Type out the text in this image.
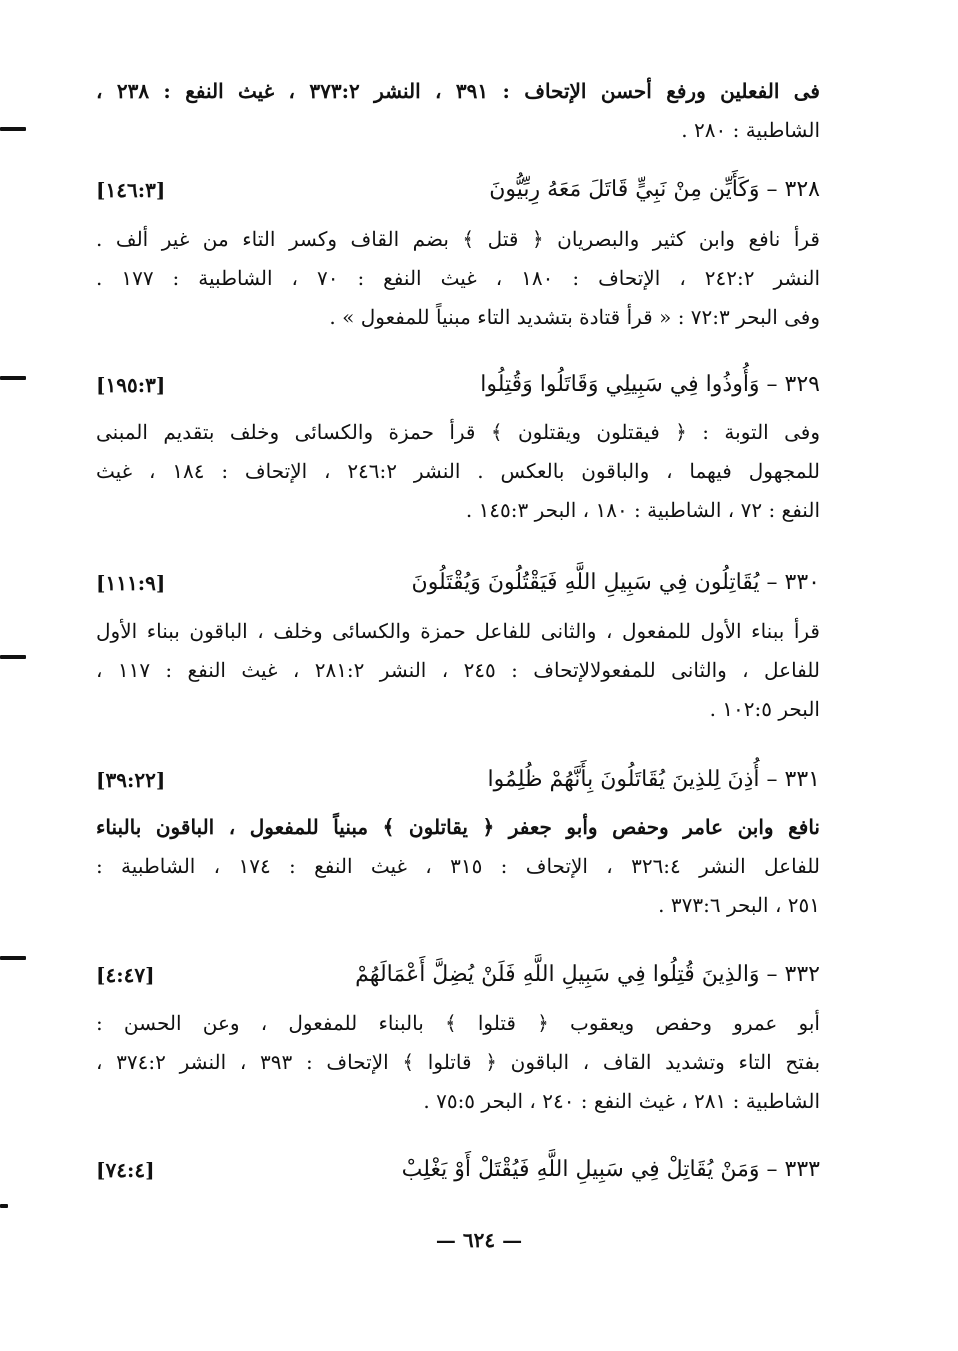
فى الفعلين ورفع أحسن الإتحاف : ٣٩١ ، النشر ٣٧٣:٢ ، غيث النفع : ٢٣٨ ،
الشاطبية : ٢٨٠ .
٣٢٨ – وَكَأَيِّن مِنْ نَبِيٍّ قَاتَلَ مَعَهُ رِبِّيُّونَ
[١٤٦:٣]
قرأ نافع وابن كثير والبصريان ﴿ قتل ﴾ بضم القاف وكسر التاء من غير ألف .
النشر ٢٤٢:٢ ، الإتحاف : ١٨٠ ، غيث النفع : ٧٠ ، الشاطبية : ١٧٧ .
وفى البحر ٧٢:٣ : « قرأ قتادة بتشديد التاء مبنياً للمفعول » .
٣٢٩ – وَأُوذُوا فِي سَبِيلِي وَقَاتَلُوا وَقُتِلُوا
[١٩٥:٣]
وفى التوبة : ﴿ فيقتلون ويقتلون ﴾ قرأ حمزة والكسائى وخلف بتقديم المبنى
للمجهول فيهما ، والباقون بالعكس . النشر ٢٤٦:٢ ، الإتحاف : ١٨٤ ، غيث
النفع : ٧٢ ، الشاطبية : ١٨٠ ، البحر ١٤٥:٣ .
٣٣٠ – يُقَاتِلُون فِي سَبِيلِ اللَّهِ فَيَقْتُلُونَ وَيُقْتَلُونَ
[١١١:٩]
قرأ ببناء الأول للمفعول ، والثانى للفاعل حمزة والكسائى وخلف ، الباقون ببناء الأول
للفاعل ، والثانى للمفعولالإتحاف : ٢٤٥ ، النشر ٢٨١:٢ ، غيث النفع : ١١٧ ،
البحر ١٠٢:٥ .
٣٣١ – أُذِنَ لِلذِينَ يُقَاتَلُونَ بِأَنَّهُمْ ظُلِمُوا
[٣٩:٢٢]
نافع وابن عامر وحفص وأبو جعفر ﴿ يقاتلون ﴾ مبنياً للمفعول ، الباقون بالبناء
للفاعل النشر ٣٢٦:٤ ، الإتحاف : ٣١٥ ، غيث النفع : ١٧٤ ، الشاطبية :
٢٥١ ، البحر ٣٧٣:٦ .
٣٣٢ – وَالذِينَ قُتِلُوا فِي سَبِيلِ اللَّهِ فَلَنْ يُضِلَّ أَعْمَالَهُمْ
[٤:٤٧]
أبو عمرو وحفص ويعقوب ﴿ قتلوا ﴾ بالبناء للمفعول ، وعن الحسن :
بفتح التاء وتشديد القاف ، الباقون ﴿ قاتلوا ﴾ الإتحاف : ٣٩٣ ، النشر ٣٧٤:٢ ،
الشاطبية : ٢٨١ ، غيث النفع : ٢٤٠ ، البحر ٧٥:٥ .
٣٣٣ – وَمَنْ يُقَاتِلْ فِي سَبِيلِ اللَّهِ فَيُقْتَلْ أَوْ يَغْلِبْ
[٧٤:٤]
— ٦٢٤ —
